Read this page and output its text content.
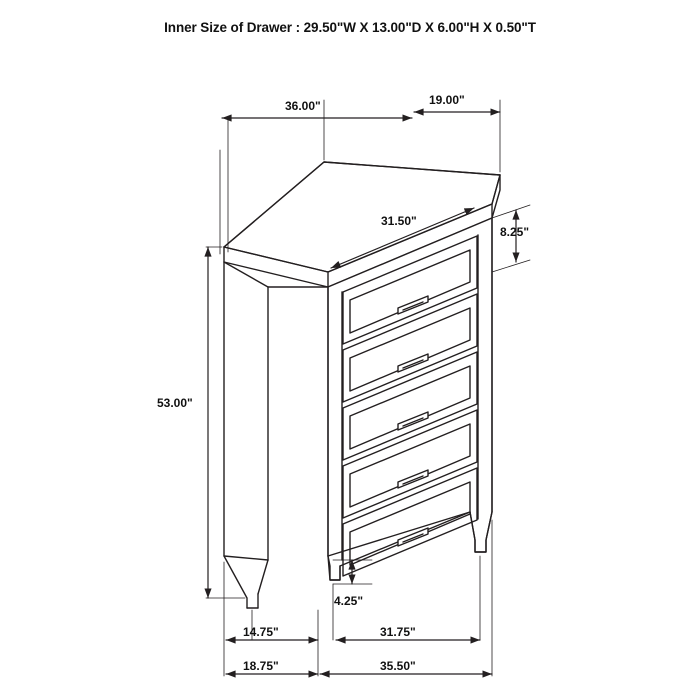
Inner Size of Drawer : 29.50"W X 13.00"D X 6.00"H X 0.50"T
36.00"	19.00"
31.50"
8.25"
53.00"
4.25"
14.75"	31.75"
18.75"	35.50"
